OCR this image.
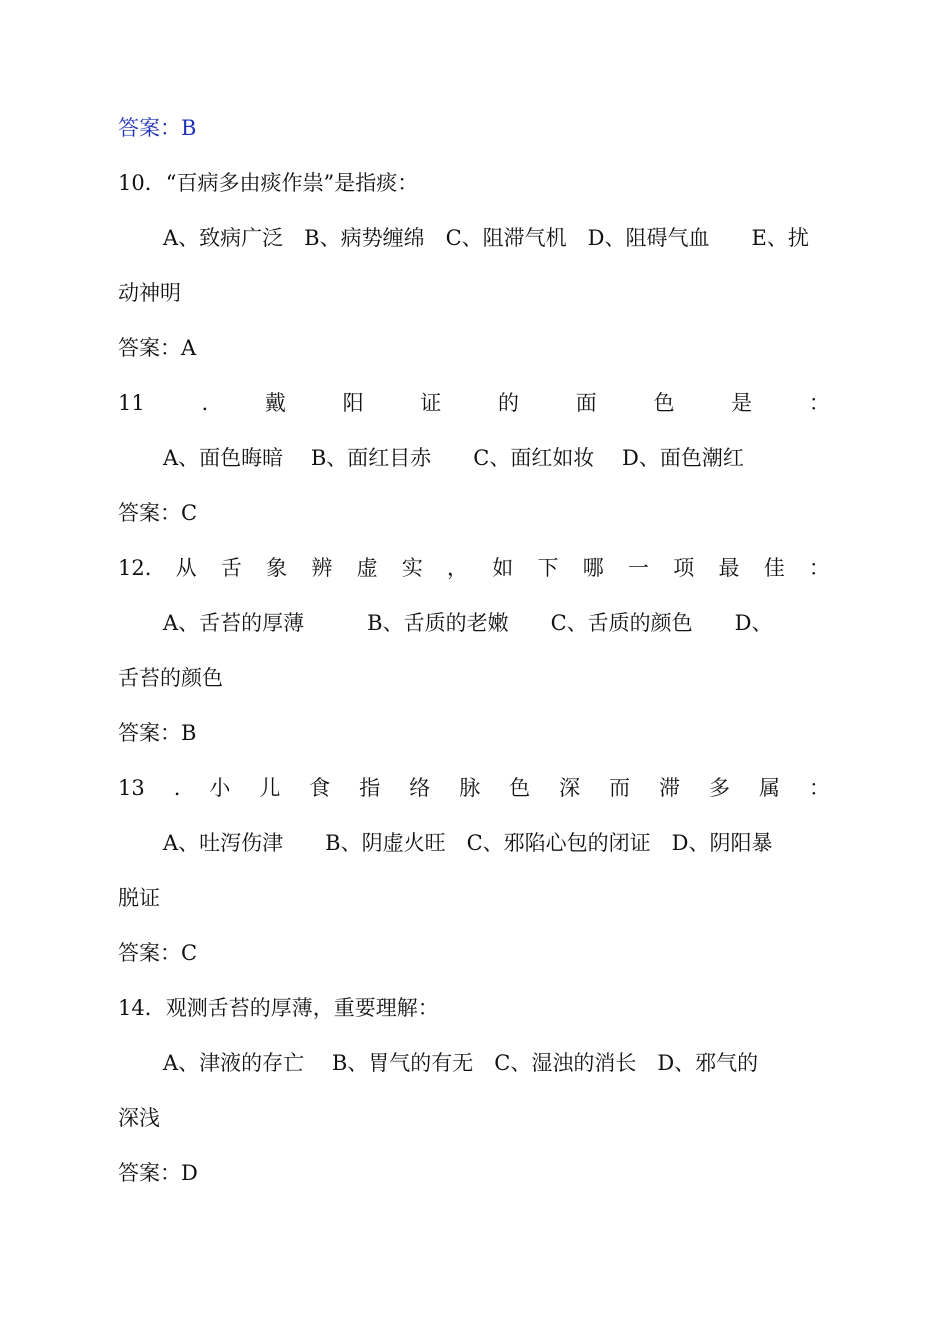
答案：B
10．“百病多由痰作祟”是指痰：
A、致病广泛　B、病势缠绵　C、阻滞气机　D、阻碍气血　　E、扰
动神明
答案：A
11	.	戴	阳	证	的	面	色	是	：
A、面色晦暗　 B、面红目赤　　C、面红如妆　 D、面色潮红
答案：C
12. 从 舌 象 辨 虚 实 ， 如 下 哪 一 项 最 佳 ：
A、舌苔的厚薄　　　B、舌质的老嫩　　C、舌质的颜色　　D、
舌苔的颜色
答案：B
13 . 小 儿 食 指 络 脉 色 深 而 滞 多 属 ：
A、吐泻伤津　　B、阴虚火旺　C、邪陷心包的闭证　D、阴阳暴
脱证
答案：C
14．观测舌苔的厚薄，重要理解：
A、津液的存亡　 B、胃气的有无　C、湿浊的消长　D、邪气的
深浅
答案：D
